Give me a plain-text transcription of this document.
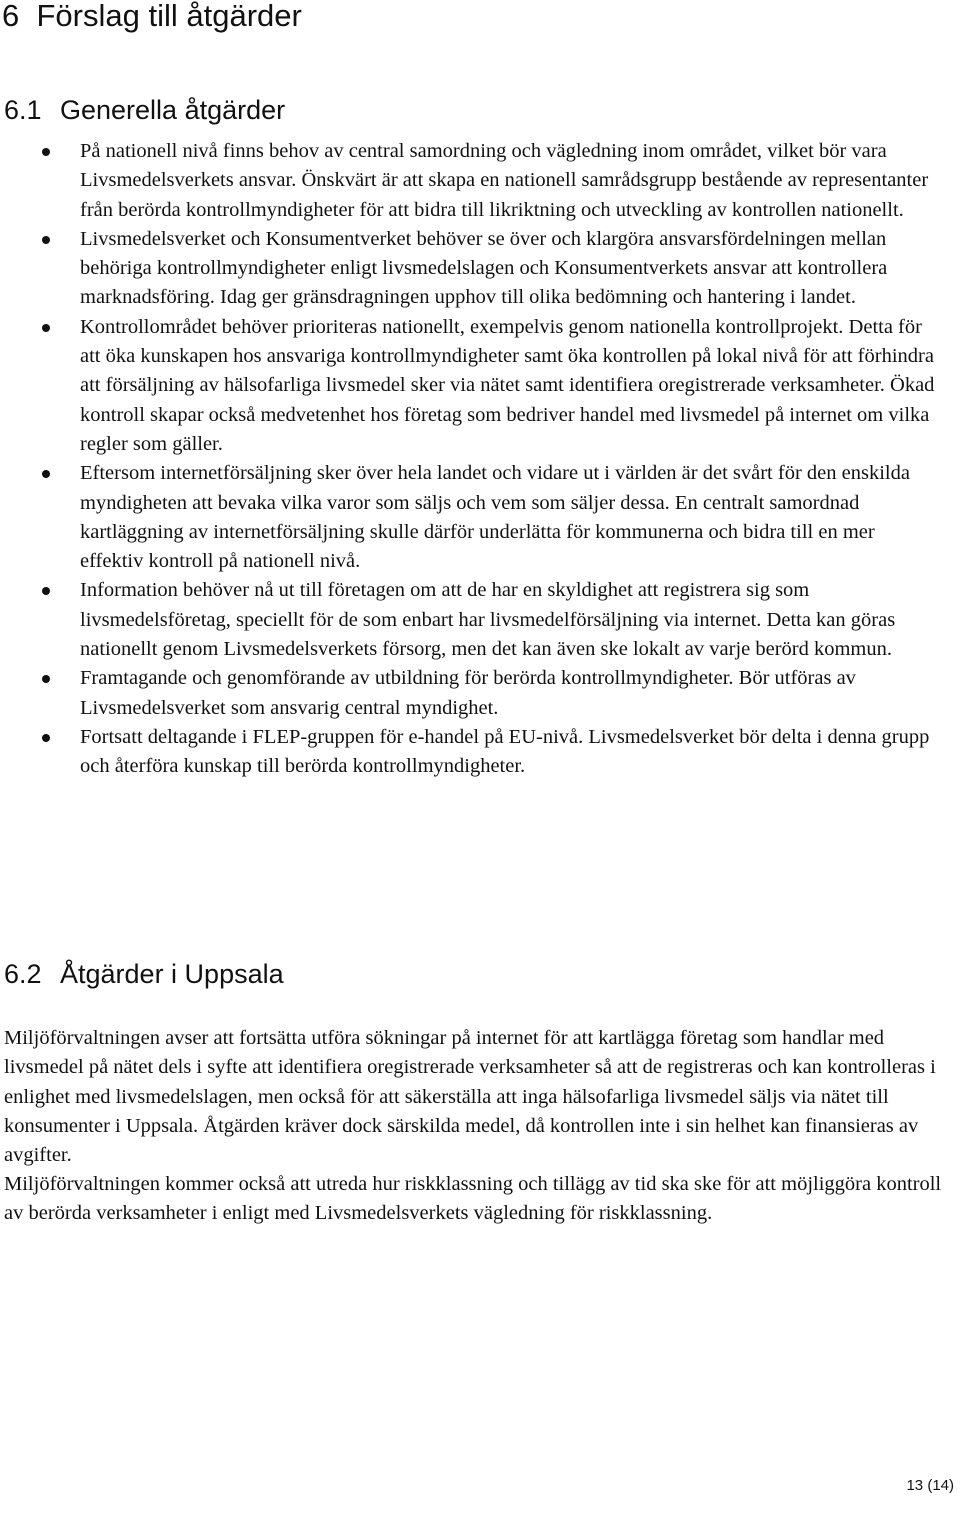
6 Förslag till åtgärder
6.1 Generella åtgärder
På nationell nivå finns behov av central samordning och vägledning inom området, vilket bör vara Livsmedelsverkets ansvar. Önskvärt är att skapa en nationell samrådsgrupp bestående av representanter från berörda kontrollmyndigheter för att bidra till likriktning och utveckling av kontrollen nationellt.
Livsmedelsverket och Konsumentverket behöver se över och klargöra ansvarsfördelningen mellan behöriga kontrollmyndigheter enligt livsmedelslagen och Konsumentverkets ansvar att kontrollera marknadsföring. Idag ger gränsdragningen upphov till olika bedömning och hantering i landet.
Kontrollområdet behöver prioriteras nationellt, exempelvis genom nationella kontrollprojekt. Detta för att öka kunskapen hos ansvariga kontrollmyndigheter samt öka kontrollen på lokal nivå för att förhindra att försäljning av hälsofarliga livsmedel sker via nätet samt identifiera oregistrerade verksamheter. Ökad kontroll skapar också medvetenhet hos företag som bedriver handel med livsmedel på internet om vilka regler som gäller.
Eftersom internetförsäljning sker över hela landet och vidare ut i världen är det svårt för den enskilda myndigheten att bevaka vilka varor som säljs och vem som säljer dessa. En centralt samordnad kartläggning av internetförsäljning skulle därför underlätta för kommunerna och bidra till en mer effektiv kontroll på nationell nivå.
Information behöver nå ut till företagen om att de har en skyldighet att registrera sig som livsmedelsföretag, speciellt för de som enbart har livsmedelförsäljning via internet. Detta kan göras nationellt genom Livsmedelsverkets försorg, men det kan även ske lokalt av varje berörd kommun.
Framtagande och genomförande av utbildning för berörda kontrollmyndigheter. Bör utföras av Livsmedelsverket som ansvarig central myndighet.
Fortsatt deltagande i FLEP-gruppen för e-handel på EU-nivå. Livsmedelsverket bör delta i denna grupp och återföra kunskap till berörda kontrollmyndigheter.
6.2 Åtgärder i Uppsala

Miljöförvaltningen avser att fortsätta utföra sökningar på internet för att kartlägga företag som handlar med livsmedel på nätet dels i syfte att identifiera oregistrerade verksamheter så att de registreras och kan kontrolleras i enlighet med livsmedelslagen, men också för att säkerställa att inga hälsofarliga livsmedel säljs via nätet till konsumenter i Uppsala. Åtgärden kräver dock särskilda medel, då kontrollen inte i sin helhet kan finansieras av avgifter.

Miljöförvaltningen kommer också att utreda hur riskklassning och tillägg av tid ska ske för att möjliggöra kontroll av berörda verksamheter i enligt med Livsmedelsverkets vägledning för riskklassning.

13 (14)
